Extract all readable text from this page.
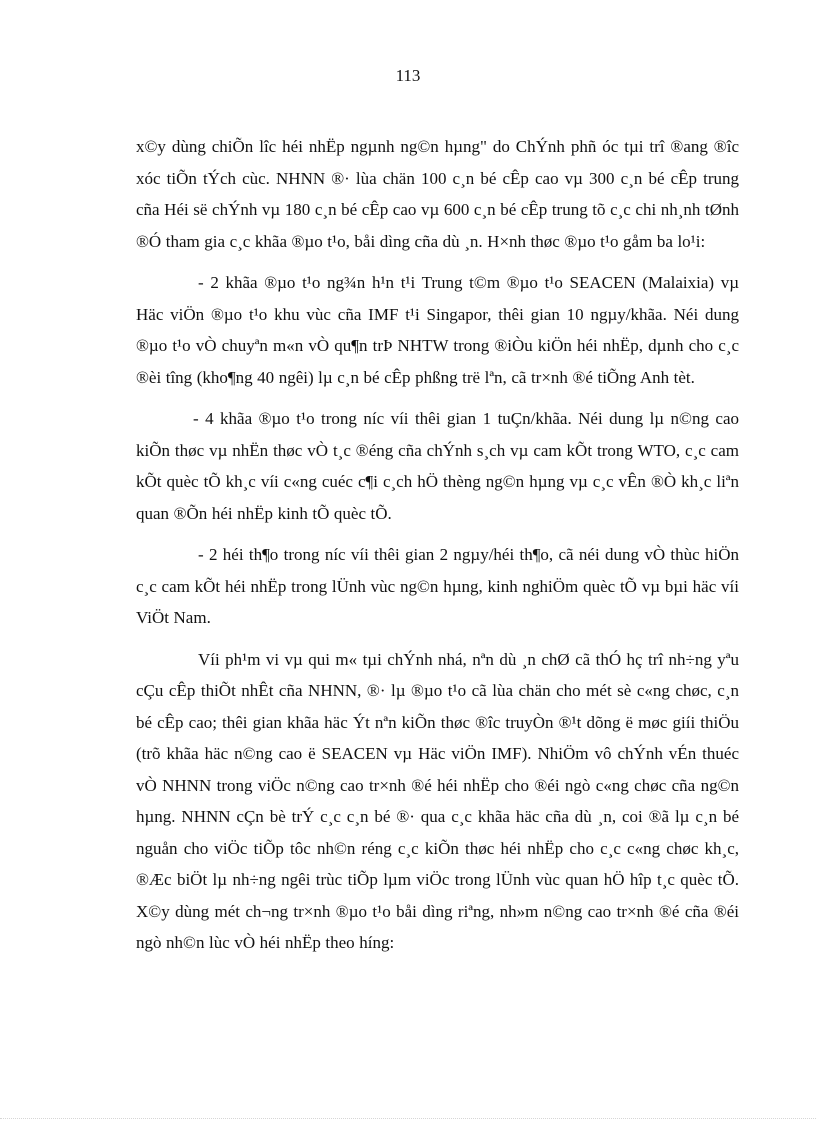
113

x©y dùng chiÕn lîc héi nhËp ngµnh ng©n hµng" do ChÝnh phñ óc tµi trî ®ang ®îc xóc tiÕn tÝch cùc. NHNN ®· lùa chän 100 c¸n bé cÊp cao vµ 300 c¸n bé cÊp trung cña Héi së chÝnh vµ 180 c¸n bé cÊp cao vµ 600 c¸n bé cÊp trung tõ c¸c chi nh¸nh tØnh ®Ó tham gia c¸c khãa ®µo t¹o, båi dìng cña dù ¸n. H×nh thøc ®µo t¹o gåm ba lo¹i:

- 2 khãa ®µo t¹o ng¾n h¹n t¹i Trung t©m ®µo t¹o SEACEN (Malaixia) vµ Häc viÖn ®µo t¹o khu vùc cña IMF t¹i Singapor, thêi gian 10 ngµy/khãa. Néi dung ®µo t¹o vÒ chuyªn m«n vÒ qu¶n trÞ NHTW trong ®iÒu kiÖn héi nhËp, dµnh cho c¸c ®èi tîng (kho¶ng 40 ngêi) lµ c¸n bé cÊp phßng trë lªn, cã tr×nh ®é tiÕng Anh tèt.

- 4 khãa ®µo t¹o trong níc víi thêi gian 1 tuÇn/khãa. Néi dung lµ n©ng cao kiÕn thøc vµ nhËn thøc vÒ t¸c ®éng cña chÝnh s¸ch vµ cam kÕt trong WTO, c¸c cam kÕt quèc tÕ kh¸c víi c«ng cuéc c¶i c¸ch hÖ thèng ng©n hµng vµ c¸c vÊn ®Ò kh¸c liªn quan ®Õn héi nhËp kinh tÕ quèc tÕ.

- 2 héi th¶o trong níc víi thêi gian 2 ngµy/héi th¶o, cã néi dung vÒ thùc hiÖn c¸c cam kÕt héi nhËp trong lÜnh vùc ng©n hµng, kinh nghiÖm quèc tÕ vµ bµi häc víi ViÖt Nam.

Víi ph¹m vi vµ qui m« tµi chÝnh nhá, nªn dù ¸n chØ cã thÓ hç trî nh÷ng yªu cÇu cÊp thiÕt nhÊt cña NHNN, ®· lµ ®µo t¹o cã lùa chän cho mét sè c«ng chøc, c¸n bé cÊp cao; thêi gian khãa häc Ýt nªn kiÕn thøc ®îc truyÒn ®¹t dõng ë møc giíi thiÖu (trõ khãa häc n©ng cao ë SEACEN vµ Häc viÖn IMF). NhiÖm vô chÝnh vÉn thuéc vÒ NHNN trong viÖc n©ng cao tr×nh ®é héi nhËp cho ®éi ngò c«ng chøc cña ng©n hµng. NHNN cÇn bè trÝ c¸c c¸n bé ®· qua c¸c khãa häc cña dù ¸n, coi ®ã lµ c¸n bé nguån cho viÖc tiÕp tôc nh©n réng c¸c kiÕn thøc héi nhËp cho c¸c c«ng chøc kh¸c, ®Æc biÖt lµ nh÷ng ngêi trùc tiÕp lµm viÖc trong lÜnh vùc quan hÖ hîp t¸c quèc tÕ. X©y dùng mét ch¬ng tr×nh ®µo t¹o båi dìng riªng, nh»m n©ng cao tr×nh ®é cña ®éi ngò nh©n lùc vÒ héi nhËp theo híng:
